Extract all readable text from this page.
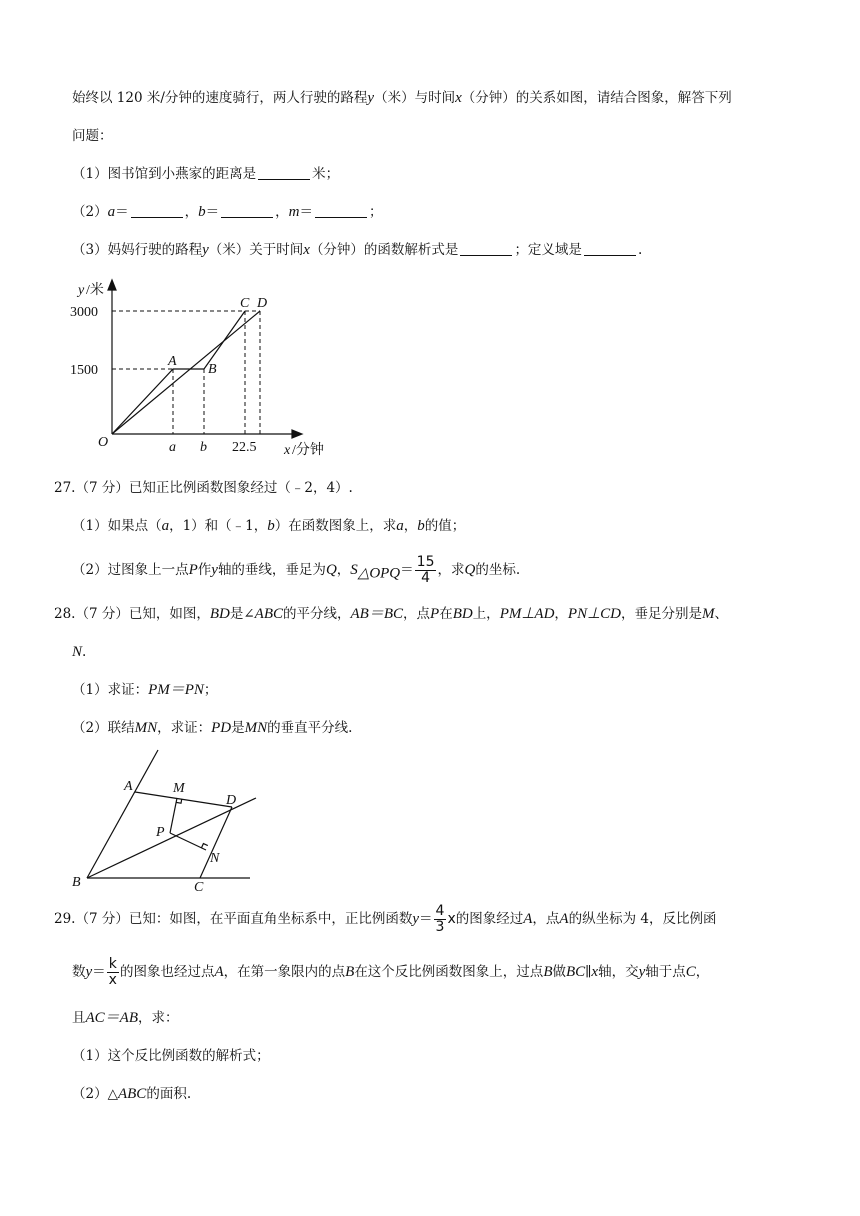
始终以 120 米/分钟的速度骑行，两人行驶的路程y（米）与时间x（分钟）的关系如图，请结合图象，解答下列
问题：
（1）图书馆到小燕家的距离是	米；
（2）a＝	，b＝	，m＝	；
（3）妈妈行驶的路程y（米）关于时间x（分钟）的函数解析式是	；定义域是	.
y /米
3000
1500
O	a b 22.5 x /分钟
A
B
C D
27.（7 分）已知正比例函数图象经过（﹣2，4）.
（1）如果点（a，1）和（﹣1，b）在函数图象上，求a，b的值；
（2）过图象上一点P作y轴的垂线，垂足为Q，$S_{\triangle OPQ}= \frac{15}{4}$ ，求Q的坐标.
28.（7 分）已知，如图，BD是∠ABC的平分线，AB＝BC，点P在BD上，PM⊥AD，PN⊥CD，垂足分别是M、
N.
（1）求证：PM＝PN；
（2）联结MN，求证：PD是MN的垂直平分线.
A	M
D
P
N
B	C
29.（7 分）已知：如图，在平面直角坐标系中，正比例函数$y= \frac{4}{3}$ x的图象经过A，点A的纵坐标为 4，反比例函
数$y= \frac{k}{x}$ 的图象也经过点A，在第一象限内的点B在这个反比例函数图象上，过点B做BC∥x轴，交y轴于点C，
且AC＝AB，求：
（1）这个反比例函数的解析式；
（2）△ABC的面积.
